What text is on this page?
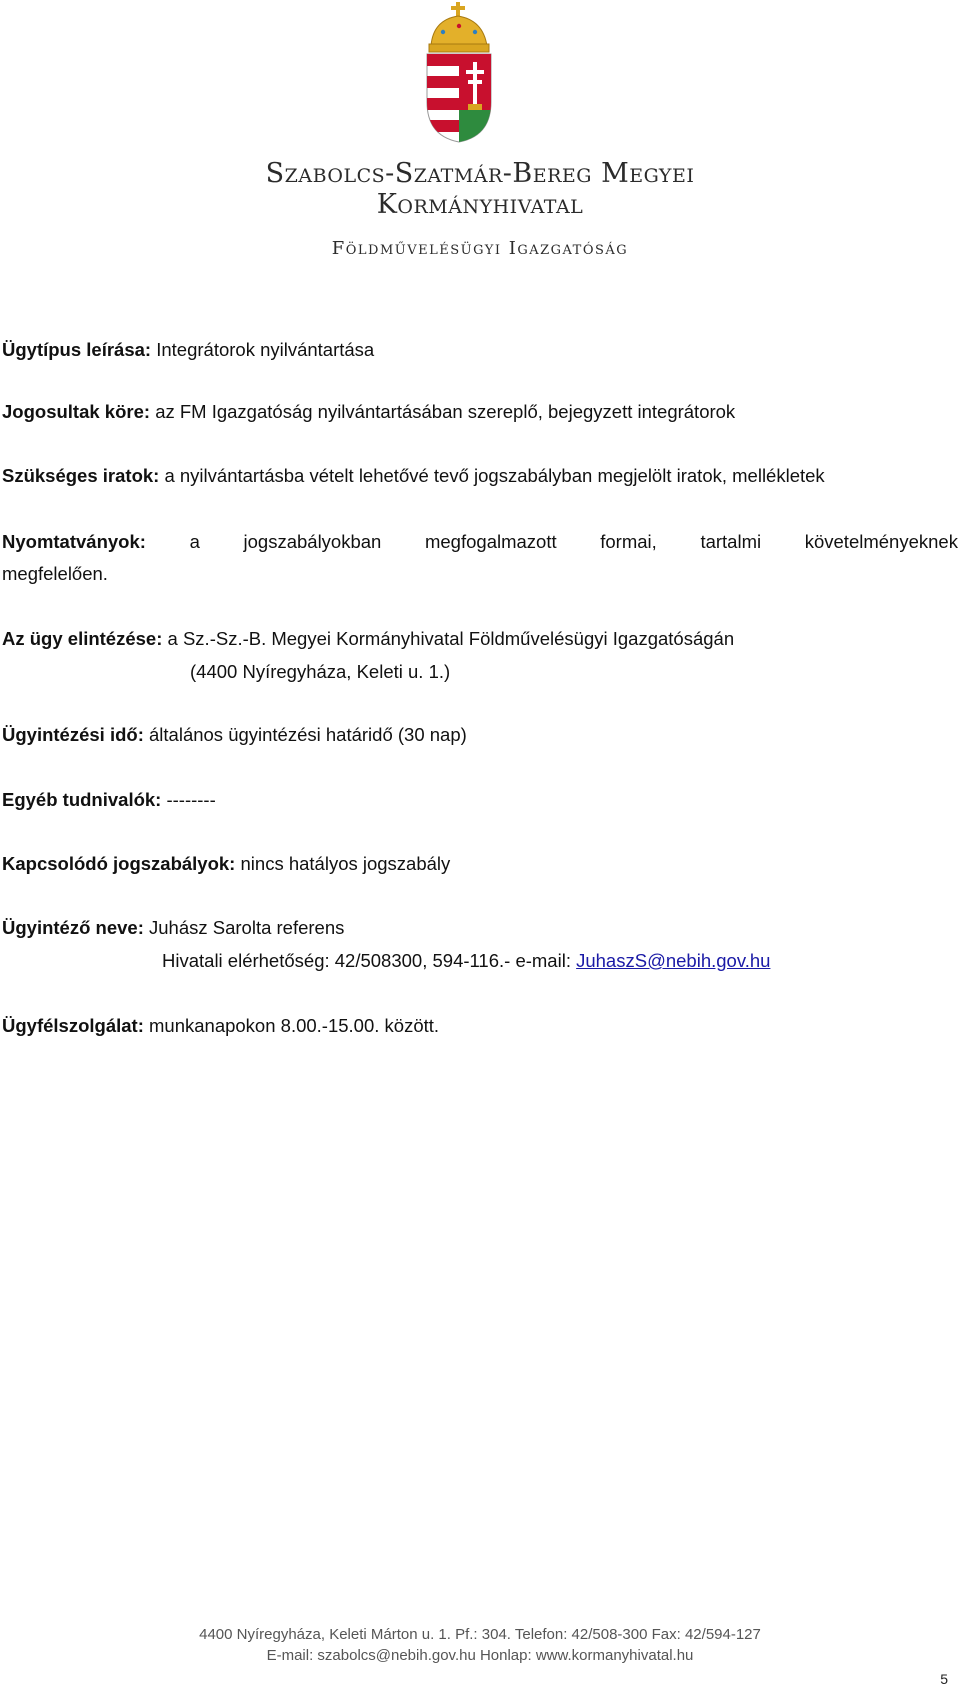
Szabolcs-Szatmár-Bereg Megyei
Kormányhivatal
Földművelésügyi Igazgatóság
Ügytípus leírása: Integrátorok nyilvántartása
Jogosultak köre: az FM Igazgatóság nyilvántartásában szereplő, bejegyzett integrátorok
Szükséges iratok: a nyilvántartásba vételt lehetővé tevő jogszabályban megjelölt iratok, mellékletek
Nyomtatványok: a jogszabályokban megfogalmazott formai, tartalmi követelményeknek
megfelelően.
Az ügy elintézése: a Sz.-Sz.-B. Megyei Kormányhivatal Földművelésügyi Igazgatóságán
(4400 Nyíregyháza, Keleti u. 1.)
Ügyintézési idő: általános ügyintézési határidő (30 nap)
Egyéb tudnivalók: --------
Kapcsolódó jogszabályok: nincs hatályos jogszabály
Ügyintéző neve: Juhász Sarolta referens
Hivatali elérhetőség: 42/508300, 594-116.- e-mail: JuhaszS@nebih.gov.hu
Ügyfélszolgálat: munkanapokon 8.00.-15.00. között.
4400 Nyíregyháza, Keleti Márton u. 1. Pf.: 304. Telefon: 42/508-300 Fax: 42/594-127
E-mail: szabolcs@nebih.gov.hu Honlap: www.kormanyhivatal.hu
5
